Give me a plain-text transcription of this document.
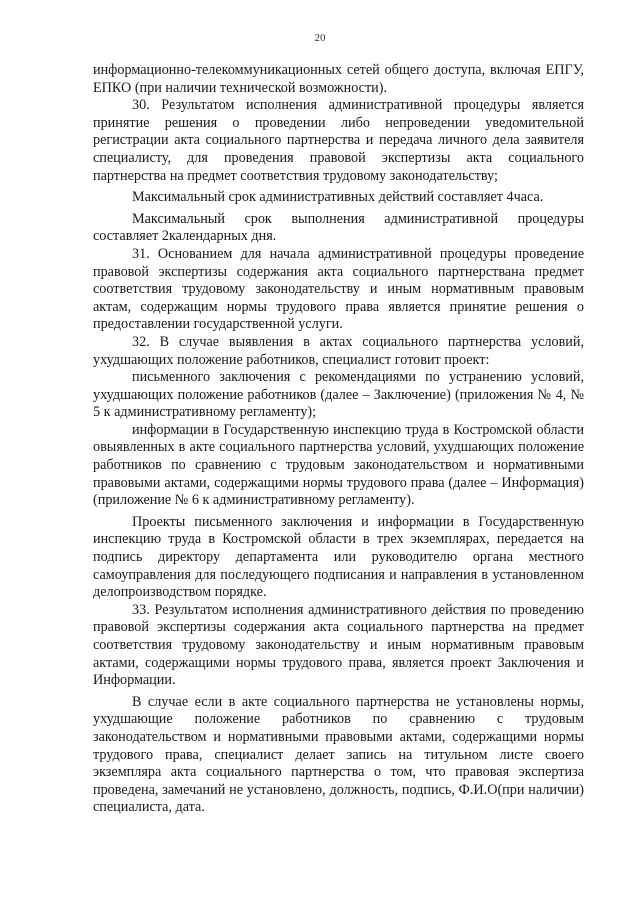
20

информационно-телекоммуникационных сетей общего доступа, включая ЕПГУ, ЕПКО (при наличии технической возможности).

30. Результатом исполнения административной процедуры является принятие решения о проведении либо непроведении уведомительной регистрации акта социального партнерства и передача личного дела заявителя специалисту, для проведения правовой экспертизы акта социального партнерства на предмет соответствия трудовому законодательству;

Максимальный срок административных действий составляет 4часа.

Максимальный срок выполнения административной процедуры составляет 2календарных дня.

31. Основанием для начала административной процедуры проведение правовой экспертизы содержания акта социального партнерствана предмет соответствия трудовому законодательству и иным нормативным правовым актам, содержащим нормы трудового права является принятие решения о предоставлении государственной услуги.

32. В случае выявления в актах социального партнерства условий, ухудшающих положение работников, специалист готовит проект:

письменного заключения с рекомендациями по устранению условий, ухудшающих положение работников (далее – Заключение) (приложения № 4, № 5 к административному регламенту);

информации в Государственную инспекцию труда в Костромской области овыявленных в акте социального партнерства условий, ухудшающих положение работников по сравнению с трудовым законодательством и нормативными правовыми актами, содержащими нормы трудового права (далее – Информация) (приложение № 6 к административному регламенту).

Проекты письменного заключения и информации в Государственную инспекцию труда в Костромской области в трех экземплярах, передается на подпись директору департамента или руководителю органа местного самоуправления для последующего подписания и направления в установленном делопроизводством порядке.

33. Результатом исполнения административного действия по проведению правовой экспертизы содержания акта социального партнерства на предмет соответствия трудовому законодательству и иным нормативным правовым актами, содержащими нормы трудового права, является проект Заключения и Информации.

В случае если в акте социального партнерства не установлены нормы, ухудшающие положение работников по сравнению с трудовым законодательством и нормативными правовыми актами, содержащими нормы трудового права, специалист делает запись на титульном листе своего экземпляра акта социального партнерства о том, что правовая экспертиза проведена, замечаний не установлено, должность, подпись, Ф.И.О(при наличии) специалиста, дата.
